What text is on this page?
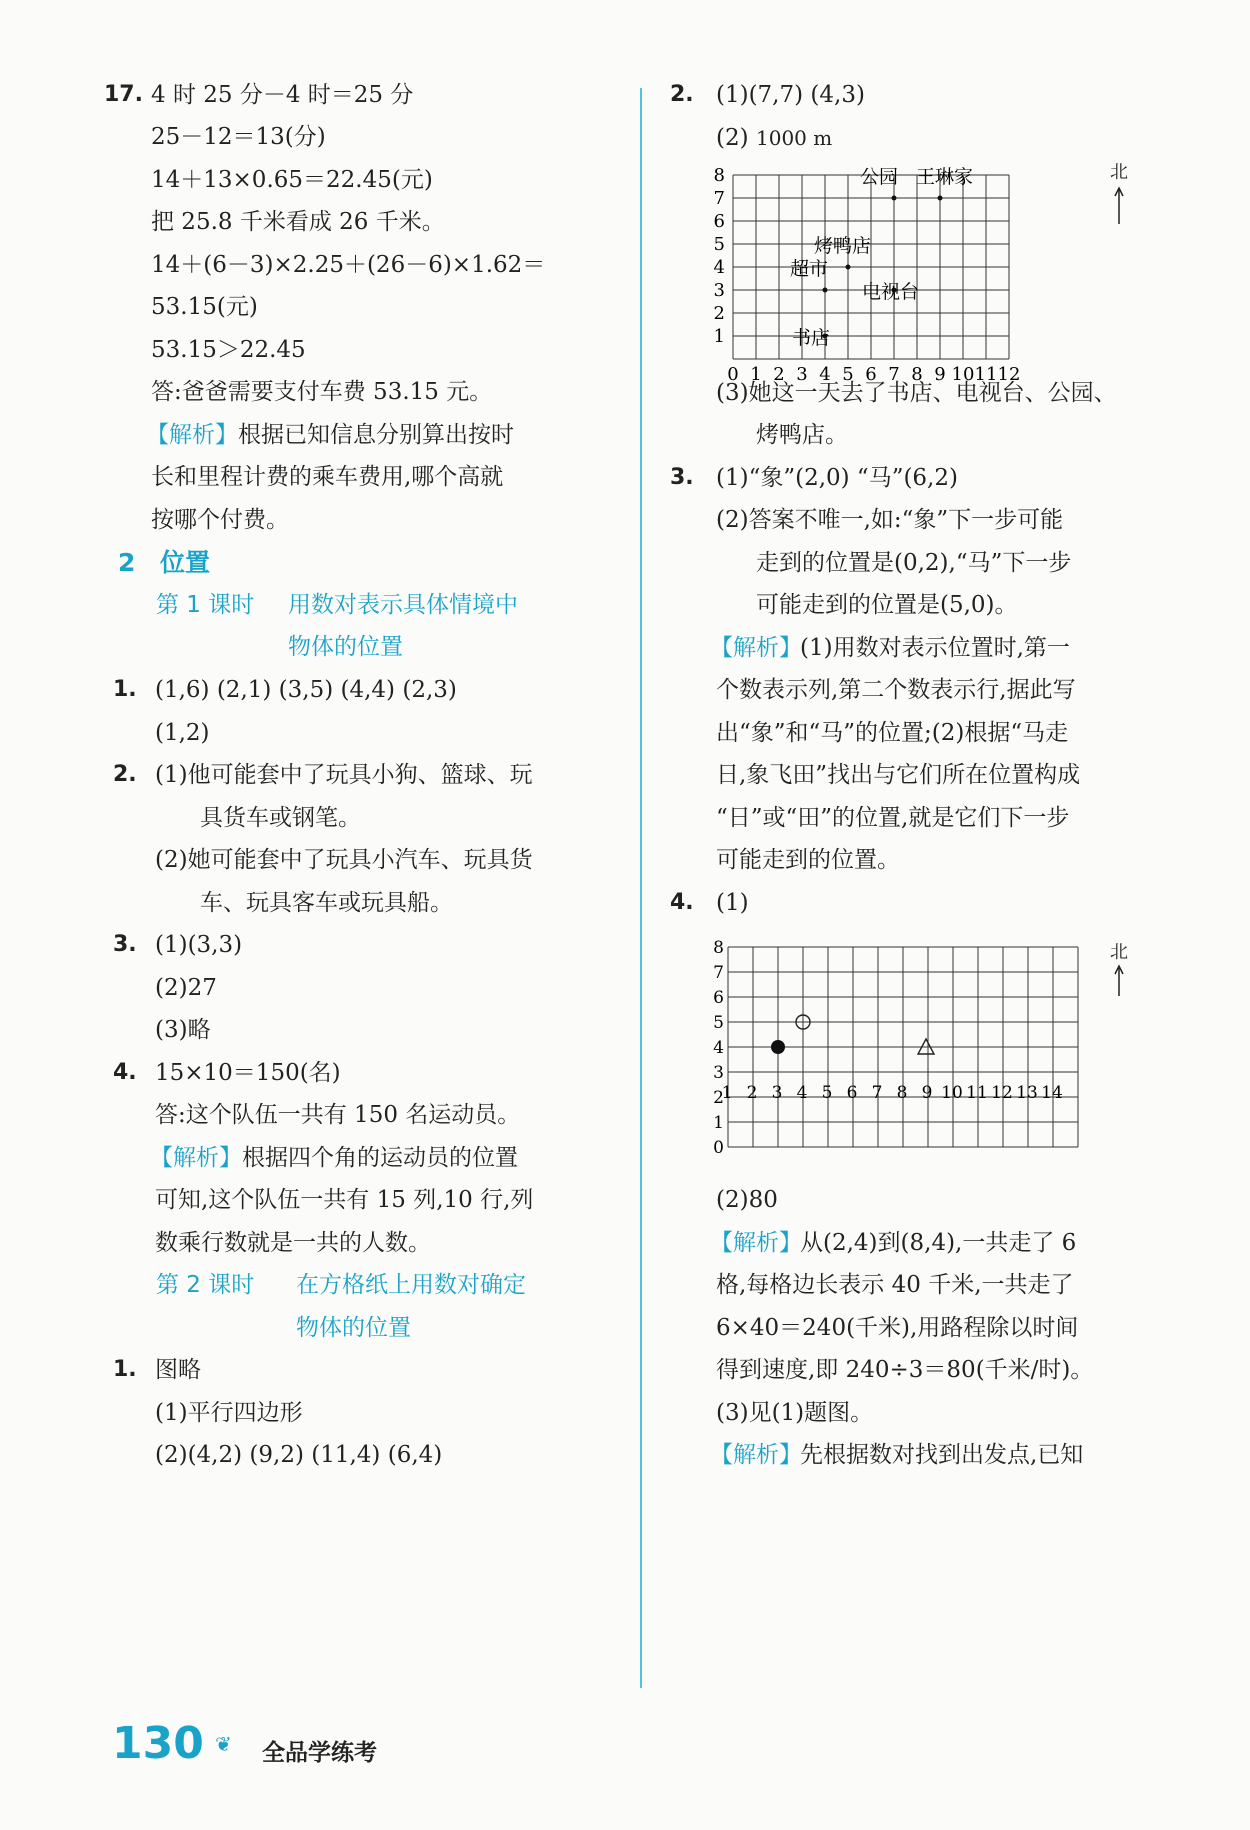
17. 4 时 25 分－4 时＝25 分
25－12＝13(分)
14＋13×0.65＝22.45(元)
把 25.8 千米看成 26 千米。
14＋(6－3)×2.25＋(26－6)×1.62＝
53.15(元)
53.15＞22.45
答:爸爸需要支付车费 53.15 元。
【解析】 根据已知信息分别算出按时
长和里程计费的乘车费用,哪个高就
按哪个付费。
2 位置
第 1 课时 用数对表示具体情境中
物体的位置
1. (1,6) (2,1) (3,5) (4,4) (2,3)
(1,2)
2. (1)他可能套中了玩具小狗、篮球、玩
具货车或钢笔。
(2)她可能套中了玩具小汽车、玩具货
车、玩具客车或玩具船。
3. (1)(3,3)
(2)27
(3)略
4. 15×10＝150(名)
答:这个队伍一共有 150 名运动员。
【解析】 根据四个角的运动员的位置
可知,这个队伍一共有 15 列,10 行,列
数乘行数就是一共的人数。
第 2 课时 在方格纸上用数对确定
物体的位置
1. 图略
(1)平行四边形
(2)(4,2) (9,2) (11,4) (6,4)
2. (1)(7,7) (4,3)
(2) 1000 m
0 1 2 3 4 5 6 7 8 9 10 11 12
1
2
3
4
5
6
7
8	公园 王琳家
烤鸭店
超市
电视台
书店
北
(3)她这一天去了书店、电视台、公园、
烤鸭店。
3. (1)“象”(2,0) “马”(6,2)
(2)答案不唯一,如:“象”下一步可能
走到的位置是(0,2),“马”下一步
可能走到的位置是(5,0)。
【解析】
(1)用数对表示位置时,第一
个数表示列,第二个数表示行,据此写
出“象”和“马”的位置;(2)根据“马走
日,象飞田”找出与它们所在位置构成
“日”或“田”的位置,就是它们下一步
可能走到的位置。
4. (1)
0
1
2
3
4
5
6
7
8	北
(2)80
【解析】
从(2,4)到(8,4),一共走了 6
格,每格边长表示 40 千米,一共走了
6×40＝240(千米),用路程除以时间
得到速度,即 240÷3＝80(千米/时)。
(3)见(1)题图。
【解析】
先根据数对找到出发点,已知
130 ❦ 全品学练考
1 2 3 4 5 6 7 8 9 10 11 12 13 14
